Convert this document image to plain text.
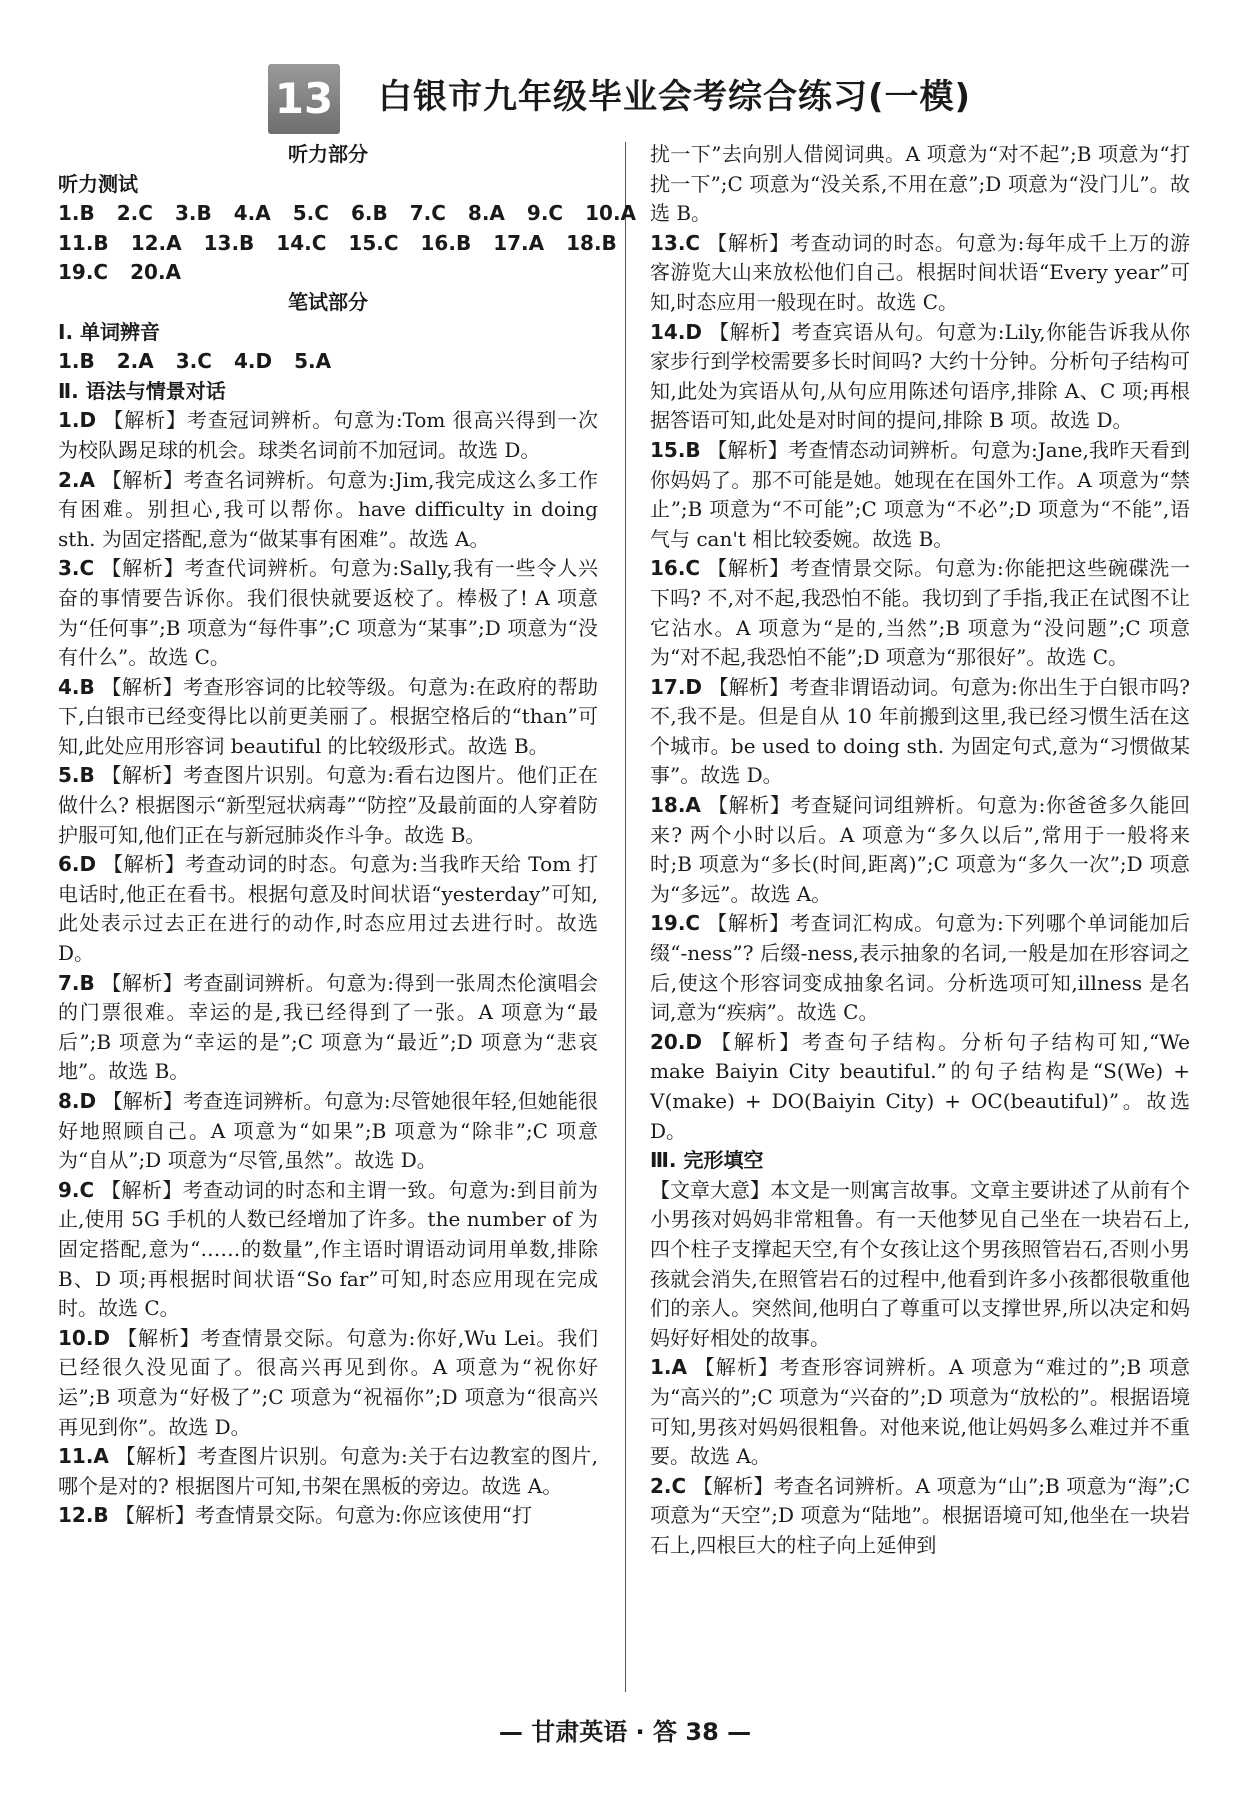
13 白银市九年级毕业会考综合练习(一模)
听力部分
听力测试
1.B 2.C 3.B 4.A 5.C 6.B 7.C 8.A 9.C 10.A
11.B 12.A 13.B 14.C 15.C 16.B 17.A 18.B
19.C 20.A
笔试部分
Ⅰ. 单词辨音
1.B 2.A 3.C 4.D 5.A
Ⅱ. 语法与情景对话

1.D 【解析】考查冠词辨析。句意为:Tom 很高兴得到一次为校队踢足球的机会。球类名词前不加冠词。故选 D。

2.A 【解析】考查名词辨析。句意为:Jim,我完成这么多工作有困难。别担心,我可以帮你。have difficulty in doing sth. 为固定搭配,意为“做某事有困难”。故选 A。

3.C 【解析】考查代词辨析。句意为:Sally,我有一些令人兴奋的事情要告诉你。我们很快就要返校了。棒极了! A 项意为“任何事”;B 项意为“每件事”;C 项意为“某事”;D 项意为“没有什么”。故选 C。

4.B 【解析】考查形容词的比较等级。句意为:在政府的帮助下,白银市已经变得比以前更美丽了。根据空格后的“than”可知,此处应用形容词 beautiful 的比较级形式。故选 B。

5.B 【解析】考查图片识别。句意为:看右边图片。他们正在做什么? 根据图示“新型冠状病毒”“防控”及最前面的人穿着防护服可知,他们正在与新冠肺炎作斗争。故选 B。

6.D 【解析】考查动词的时态。句意为:当我昨天给 Tom 打电话时,他正在看书。根据句意及时间状语“yesterday”可知,此处表示过去正在进行的动作,时态应用过去进行时。故选 D。

7.B 【解析】考查副词辨析。句意为:得到一张周杰伦演唱会的门票很难。幸运的是,我已经得到了一张。A 项意为“最后”;B 项意为“幸运的是”;C 项意为“最近”;D 项意为“悲哀地”。故选 B。

8.D 【解析】考查连词辨析。句意为:尽管她很年轻,但她能很好地照顾自己。A 项意为“如果”;B 项意为“除非”;C 项意为“自从”;D 项意为“尽管,虽然”。故选 D。

9.C 【解析】考查动词的时态和主谓一致。句意为:到目前为止,使用 5G 手机的人数已经增加了许多。the number of 为固定搭配,意为“……的数量”,作主语时谓语动词用单数,排除 B、D 项;再根据时间状语“So far”可知,时态应用现在完成时。故选 C。

10.D 【解析】考查情景交际。句意为:你好,Wu Lei。我们已经很久没见面了。很高兴再见到你。A 项意为“祝你好运”;B 项意为“好极了”;C 项意为“祝福你”;D 项意为“很高兴再见到你”。故选 D。

11.A 【解析】考查图片识别。句意为:关于右边教室的图片,哪个是对的? 根据图片可知,书架在黑板的旁边。故选 A。

12.B 【解析】考查情景交际。句意为:你应该使用“打

扰一下”去向别人借阅词典。A 项意为“对不起”;B 项意为“打扰一下”;C 项意为“没关系,不用在意”;D 项意为“没门儿”。故选 B。

13.C 【解析】考查动词的时态。句意为:每年成千上万的游客游览大山来放松他们自己。根据时间状语“Every year”可知,时态应用一般现在时。故选 C。

14.D 【解析】考查宾语从句。句意为:Lily,你能告诉我从你家步行到学校需要多长时间吗? 大约十分钟。分析句子结构可知,此处为宾语从句,从句应用陈述句语序,排除 A、C 项;再根据答语可知,此处是对时间的提问,排除 B 项。故选 D。

15.B 【解析】考查情态动词辨析。句意为:Jane,我昨天看到你妈妈了。那不可能是她。她现在在国外工作。A 项意为“禁止”;B 项意为“不可能”;C 项意为“不必”;D 项意为“不能”,语气与 can't 相比较委婉。故选 B。

16.C 【解析】考查情景交际。句意为:你能把这些碗碟洗一下吗? 不,对不起,我恐怕不能。我切到了手指,我正在试图不让它沾水。A 项意为“是的,当然”;B 项意为“没问题”;C 项意为“对不起,我恐怕不能”;D 项意为“那很好”。故选 C。

17.D 【解析】考查非谓语动词。句意为:你出生于白银市吗? 不,我不是。但是自从 10 年前搬到这里,我已经习惯生活在这个城市。be used to doing sth. 为固定句式,意为“习惯做某事”。故选 D。

18.A 【解析】考查疑问词组辨析。句意为:你爸爸多久能回来? 两个小时以后。A 项意为“多久以后”,常用于一般将来时;B 项意为“多长(时间,距离)”;C 项意为“多久一次”;D 项意为“多远”。故选 A。

19.C 【解析】考查词汇构成。句意为:下列哪个单词能加后缀“-ness”? 后缀-ness,表示抽象的名词,一般是加在形容词之后,使这个形容词变成抽象名词。分析选项可知,illness 是名词,意为“疾病”。故选 C。

20.D 【解析】考查句子结构。分析句子结构可知,“We make Baiyin City beautiful.”的句子结构是“S(We) + V(make) + DO(Baiyin City) + OC(beautiful)”。故选 D。

Ⅲ. 完形填空

【文章大意】本文是一则寓言故事。文章主要讲述了从前有个小男孩对妈妈非常粗鲁。有一天他梦见自己坐在一块岩石上,四个柱子支撑起天空,有个女孩让这个男孩照管岩石,否则小男孩就会消失,在照管岩石的过程中,他看到许多小孩都很敬重他们的亲人。突然间,他明白了尊重可以支撑世界,所以决定和妈妈好好相处的故事。

1.A 【解析】考查形容词辨析。A 项意为“难过的”;B 项意为“高兴的”;C 项意为“兴奋的”;D 项意为“放松的”。根据语境可知,男孩对妈妈很粗鲁。对他来说,他让妈妈多么难过并不重要。故选 A。

2.C 【解析】考查名词辨析。A 项意为“山”;B 项意为“海”;C 项意为“天空”;D 项意为“陆地”。根据语境可知,他坐在一块岩石上,四根巨大的柱子向上延伸到

— 甘肃英语 · 答 38 —
